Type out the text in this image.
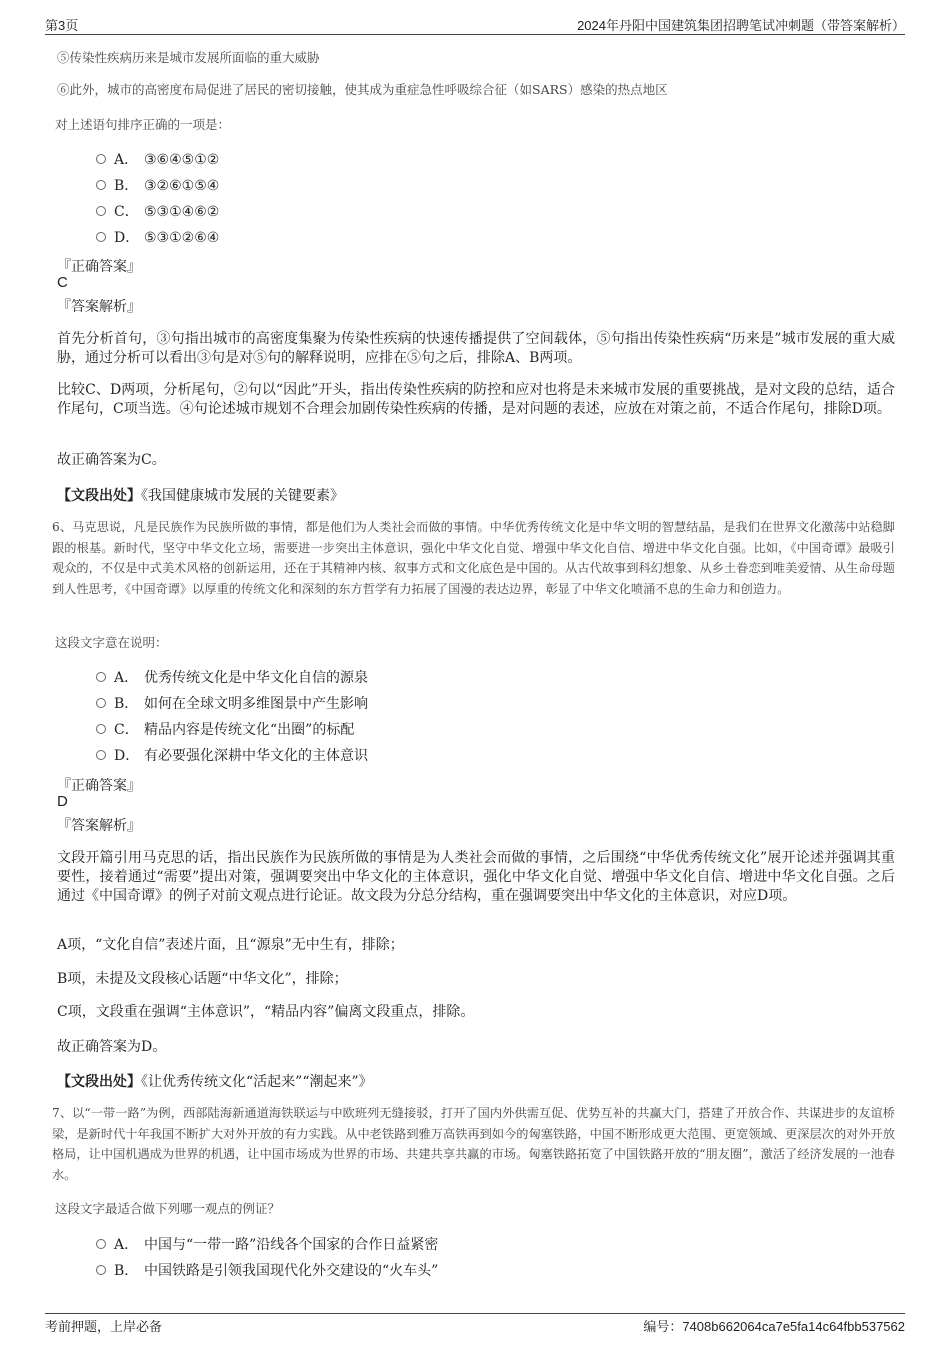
第3页	2024年丹阳中国建筑集团招聘笔试冲刺题（带答案解析）
⑤传染性疾病历来是城市发展所面临的重大威胁
⑥此外，城市的高密度布局促进了居民的密切接触，使其成为重症急性呼吸综合征（如SARS）感染的热点地区
对上述语句排序正确的一项是：
A． ③⑥④⑤①②
B． ③②⑥①⑤④
C． ⑤③①④⑥②
D． ⑤③①②⑥④
『正确答案』
C
『答案解析』
首先分析首句，③句指出城市的高密度集聚为传染性疾病的快速传播提供了空间载体，⑤句指出传染性疾病“历来是”城市发展的重大威胁，通过分析可以看出③句是对⑤句的解释说明，应排在⑤句之后，排除A、B两项。
比较C、D两项，分析尾句，②句以“因此”开头，指出传染性疾病的防控和应对也将是未来城市发展的重要挑战，是对文段的总结，适合作尾句，C项当选。④句论述城市规划不合理会加剧传染性疾病的传播，是对问题的表述，应放在对策之前，不适合作尾句，排除D项。
故正确答案为C。
【文段出处】《我国健康城市发展的关键要素》
6、马克思说，凡是民族作为民族所做的事情，都是他们为人类社会而做的事情。中华优秀传统文化是中华文明的智慧结晶，是我们在世界文化激荡中站稳脚跟的根基。新时代，坚守中华文化立场，需要进一步突出主体意识，强化中华文化自觉、增强中华文化自信、增进中华文化自强。比如，《中国奇谭》最吸引观众的，不仅是中式美术风格的创新运用，还在于其精神内核、叙事方式和文化底色是中国的。从古代故事到科幻想象、从乡土眷恋到唯美爱情、从生命母题到人性思考，《中国奇谭》以厚重的传统文化和深刻的东方哲学有力拓展了国漫的表达边界，彰显了中华文化喷涌不息的生命力和创造力。
这段文字意在说明：
A． 优秀传统文化是中华文化自信的源泉
B． 如何在全球文明多维图景中产生影响
C． 精品内容是传统文化“出圈”的标配
D． 有必要强化深耕中华文化的主体意识
『正确答案』
D
『答案解析』
文段开篇引用马克思的话，指出民族作为民族所做的事情是为人类社会而做的事情，之后围绕“中华优秀传统文化”展开论述并强调其重要性，接着通过“需要”提出对策，强调要突出中华文化的主体意识，强化中华文化自觉、增强中华文化自信、增进中华文化自强。之后通过《中国奇谭》的例子对前文观点进行论证。故文段为分总分结构，重在强调要突出中华文化的主体意识，对应D项。
A项，“文化自信”表述片面，且“源泉”无中生有，排除；
B项，未提及文段核心话题“中华文化”，排除；
C项，文段重在强调“主体意识”，“精品内容”偏离文段重点，排除。
故正确答案为D。
【文段出处】《让优秀传统文化“活起来”“潮起来”》
7、以“一带一路”为例，西部陆海新通道海铁联运与中欧班列无缝接驳，打开了国内外供需互促、优势互补的共赢大门，搭建了开放合作、共谋进步的友谊桥梁，是新时代十年我国不断扩大对外开放的有力实践。从中老铁路到雅万高铁再到如今的匈塞铁路，中国不断形成更大范围、更宽领域、更深层次的对外开放格局，让中国机遇成为世界的机遇，让中国市场成为世界的市场、共建共享共赢的市场。匈塞铁路拓宽了中国铁路开放的“朋友圈”，激活了经济发展的一池春水。
这段文字最适合做下列哪一观点的例证？
A． 中国与“一带一路”沿线各个国家的合作日益紧密
B． 中国铁路是引领我国现代化外交建设的“火车头”
考前押题，上岸必备	编号：7408b662064ca7e5fa14c64fbb537562
